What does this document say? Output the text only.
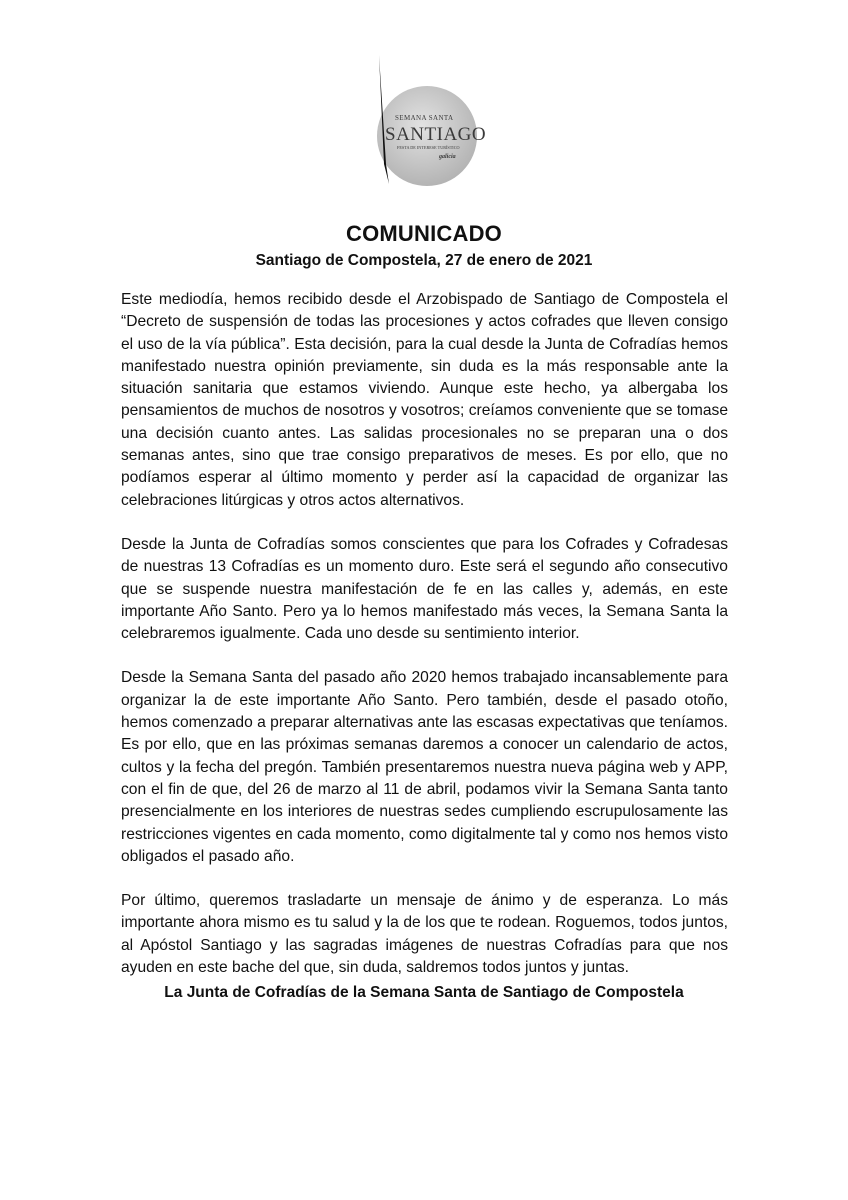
SEMANA SANTA
SANTIAGO
FESTA DE INTERESE TURÍSTICO
galicia
COMUNICADO
Santiago de Compostela, 27 de enero de 2021

Este mediodía, hemos recibido desde el Arzobispado de Santiago de Compostela el “Decreto de suspensión de todas las procesiones y actos cofrades que lleven consigo el uso de la vía pública”. Esta decisión, para la cual desde la Junta de Cofradías hemos manifestado nuestra opinión previamente, sin duda es la más responsable ante la situación sanitaria que estamos viviendo. Aunque este hecho, ya albergaba los pensamientos de muchos de nosotros y vosotros; creíamos conveniente que se tomase una decisión cuanto antes. Las salidas procesionales no se preparan una o dos semanas antes, sino que trae consigo preparativos de meses. Es por ello, que no podíamos esperar al último momento y perder así la capacidad de organizar las celebraciones litúrgicas y otros actos alternativos.

Desde la Junta de Cofradías somos conscientes que para los Cofrades y Cofradesas de nuestras 13 Cofradías es un momento duro. Este será el segundo año consecutivo que se suspende nuestra manifestación de fe en las calles y, además, en este importante Año Santo. Pero ya lo hemos manifestado más veces, la Semana Santa la celebraremos igualmente. Cada uno desde su sentimiento interior.

Desde la Semana Santa del pasado año 2020 hemos trabajado incansablemente para organizar la de este importante Año Santo. Pero también, desde el pasado otoño, hemos comenzado a preparar alternativas ante las escasas expectativas que teníamos. Es por ello, que en las próximas semanas daremos a conocer un calendario de actos, cultos y la fecha del pregón. También presentaremos nuestra nueva página web y APP, con el fin de que, del 26 de marzo al 11 de abril, podamos vivir la Semana Santa tanto presencialmente en los interiores de nuestras sedes cumpliendo escrupulosamente las restricciones vigentes en cada momento, como digitalmente tal y como nos hemos visto obligados el pasado año.

Por último, queremos trasladarte un mensaje de ánimo y de esperanza. Lo más importante ahora mismo es tu salud y la de los que te rodean. Roguemos, todos juntos, al Apóstol Santiago y las sagradas imágenes de nuestras Cofradías para que nos ayuden en este bache del que, sin duda, saldremos todos juntos y juntas.

La Junta de Cofradías de la Semana Santa de Santiago de Compostela
